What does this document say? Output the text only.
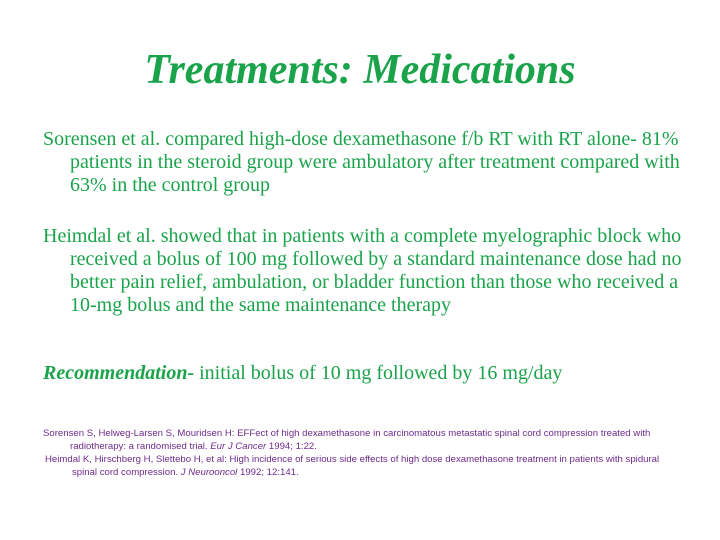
Treatments: Medications
Sorensen et al. compared high-dose dexamethasone f/b RT with RT alone- 81% patients in the steroid group were ambulatory after treatment compared with 63% in the control group
Heimdal et al. showed that in patients with a complete myelographic block who received a bolus of 100 mg followed by a standard maintenance dose had no better pain relief, ambulation, or bladder function than those who received a 10-mg bolus and the same maintenance therapy
Recommendation- initial bolus of 10 mg followed by 16 mg/day
Sorensen S, Helweg-Larsen S, Mouridsen H: EFFect of high dexamethasone in carcinomatous metastatic spinal cord compression treated with radiotherapy: a randomised trial. Eur J Cancer 1994; 1:22.
Heimdal K, Hirschberg H, Slettebo H, et al: High incidence of serious side effects of high dose dexamethasone treatment in patients with spidural spinal cord compression. J Neurooncol 1992; 12:141.
